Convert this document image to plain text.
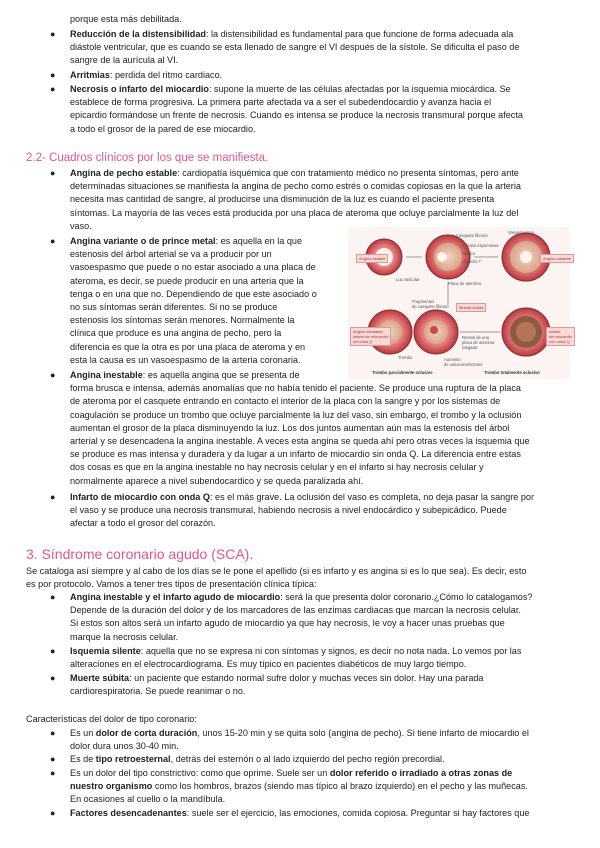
porque esta más debilitada.
● Reducción de la distensibilidad: la distensibilidad es fundamental para que funcione de forma adecuada ala
diástole ventricular, que es cuando se esta llenado de sangre el VI después de la sístole. Se dificulta el paso de
sangre de la aurícula al VI.
● Arritmias: perdida del ritmo cardiaco.
● Necrosis o infarto del miocardio: supone la muerte de las células afectadas por la isquemia miocárdica. Se
establece de forma progresiva. La primera parte afectada va a ser el subedendocardio y avanza hacia el
epicardio formándose un frente de necrosis. Cuando es intensa se produce la necrosis transmural porque afecta
a todo el grosor de la pared de ese miocardio.
2.2- Cuadros clínicos por los que se manifiesta.
● Angina de pecho estable: cardiopatía isquémica que con tratamiento médico no presenta síntomas, pero ante
determinadas situaciones se manifiesta la angina de pecho como estrés o comidas copiosas en la que la arteria
necesita mas cantidad de sangre, al producirse una disminución de la luz es cuando el paciente presenta
síntomas. La mayoría de las veces está producida por una placa de ateroma que ocluye parcialmente la luz del
vaso.
● Angina variante o de prince metal: es aquella en la que
estenosis del árbol arterial se va a producir por un
vasoespasmo que puede o no estar asociado a una placa de
ateroma, es decir, se puede producir en una arteria que la
tenga o en una que no. Dependiendo de que este asociado o
no sus síntomas serán diferentes. Si no se produce
estenosis los síntomas serán menores. Normalmente la
clínica que produce es una angina de pecho, pero la
diferencia es que la otra es por una placa de ateroma y en
esta la causa es un vasoespasmo de la arteria coronaria.
● Angina inestable: es aquella angina que se presenta de
forma brusca e intensa, además anomalías que no había tenido el paciente. Se produce una ruptura de la placa
de ateroma por el casquete entrando en contacto el interior de la placa con la sangre y por los sistemas de
coagulación se produce un trombo que ocluye parcialmente la luz del vaso, sin embargo, el trombo y la oclusión
aumentan el grosor de la placa disminuyendo la luz. Los dos juntos aumentan aún mas la estenosis del árbol
arterial y se desencadena la angina inestable. A veces esta angina se queda ahí pero otras veces la isquemia que
se produce es mas intensa y duradera y da lugar a un infarto de miocardio sin onda Q. La diferencia entre estas
dos cosas es que en la angina inestable no hay necrosis celular y en el infarto si hay necrosis celular y
normalmente aparece a nivel subendocardico y se queda paralizada ahí.
● Infarto de miocardio con onda Q: es el más grave. La oclusión del vaso es completa, no deja pasar la sangre por
el vaso y se produce una necrosis transmural, habiendo necrosis a nivel endocárdico y subepicádico. Puede
afectar a todo el grosor del corazón.
Casquete fibroso
Células espumosas
Núcleo
Linfocito T
Luz vascular
Placa de ateroma
Vasoespasmo
Fragmentos
de casquete fibroso
Trombo
Restos de una
placa de ateroma
rasgada
Aumento
de vasoconstrictores
Trombo parcialmente oclusivo	Trombo totalmente oclusivo
Angina estable	Angina variante
Muerte súbita
Angina inestable,
infarto de miocardio
sin onda Q
Infarto
de miocardio
con onda Q
3. Síndrome coronario agudo (SCA).
Se cataloga así siempre y al cabo de los días se le pone el apellido (si es infarto y es angina si es lo que sea). Es decir, esto
es por protocolo. Vamos a tener tres tipos de presentación clínica típica:
● Angina inestable y el infarto agudo de miocardio: será la que presenta dolor coronario.¿Cómo lo catalogamos?
Depende de la duración del dolor y de los marcadores de las enzimas cardiacas que marcan la necrosis celular.
Si estos son altos será un infarto agudo de miocardio ya que hay necrosis, le voy a hacer unas pruebas que
marque la necrosis celular.
● Isquemia silente: aquella que no se expresa ni con síntomas y signos, es decir no nota nada. Lo vemos por las
alteraciones en el electrocardiograma. Es muy típico en pacientes diabéticos de muy largo tiempo.
● Muerte súbita: un paciente que estando normal sufre dolor y muchas veces sin dolor. Hay una parada
cardiorespiratoria. Se puede reanimar o no.
Características del dolor de tipo coronario:
● Es un dolor de corta duración, unos 15-20 min y se quita solo (angina de pecho). Si tiene infarto de miocardio el
dolor dura unos 30-40 min.
● Es de tipo retroesternal, detrás del esternón o al lado izquierdo del pecho región precordial.
● Es un dolor del tipo constrictivo: como que oprime. Suele ser un dolor referido o irradiado a otras zonas de
nuestro organismo como los hombros, brazos (siendo mas típico al brazo izquierdo) en el pecho y las muñecas.
En ocasiones al cuello o la mandíbula.
● Factores desencadenantes: suele ser el ejercicio, las emociones, comida copiosa. Preguntar si hay factores que
